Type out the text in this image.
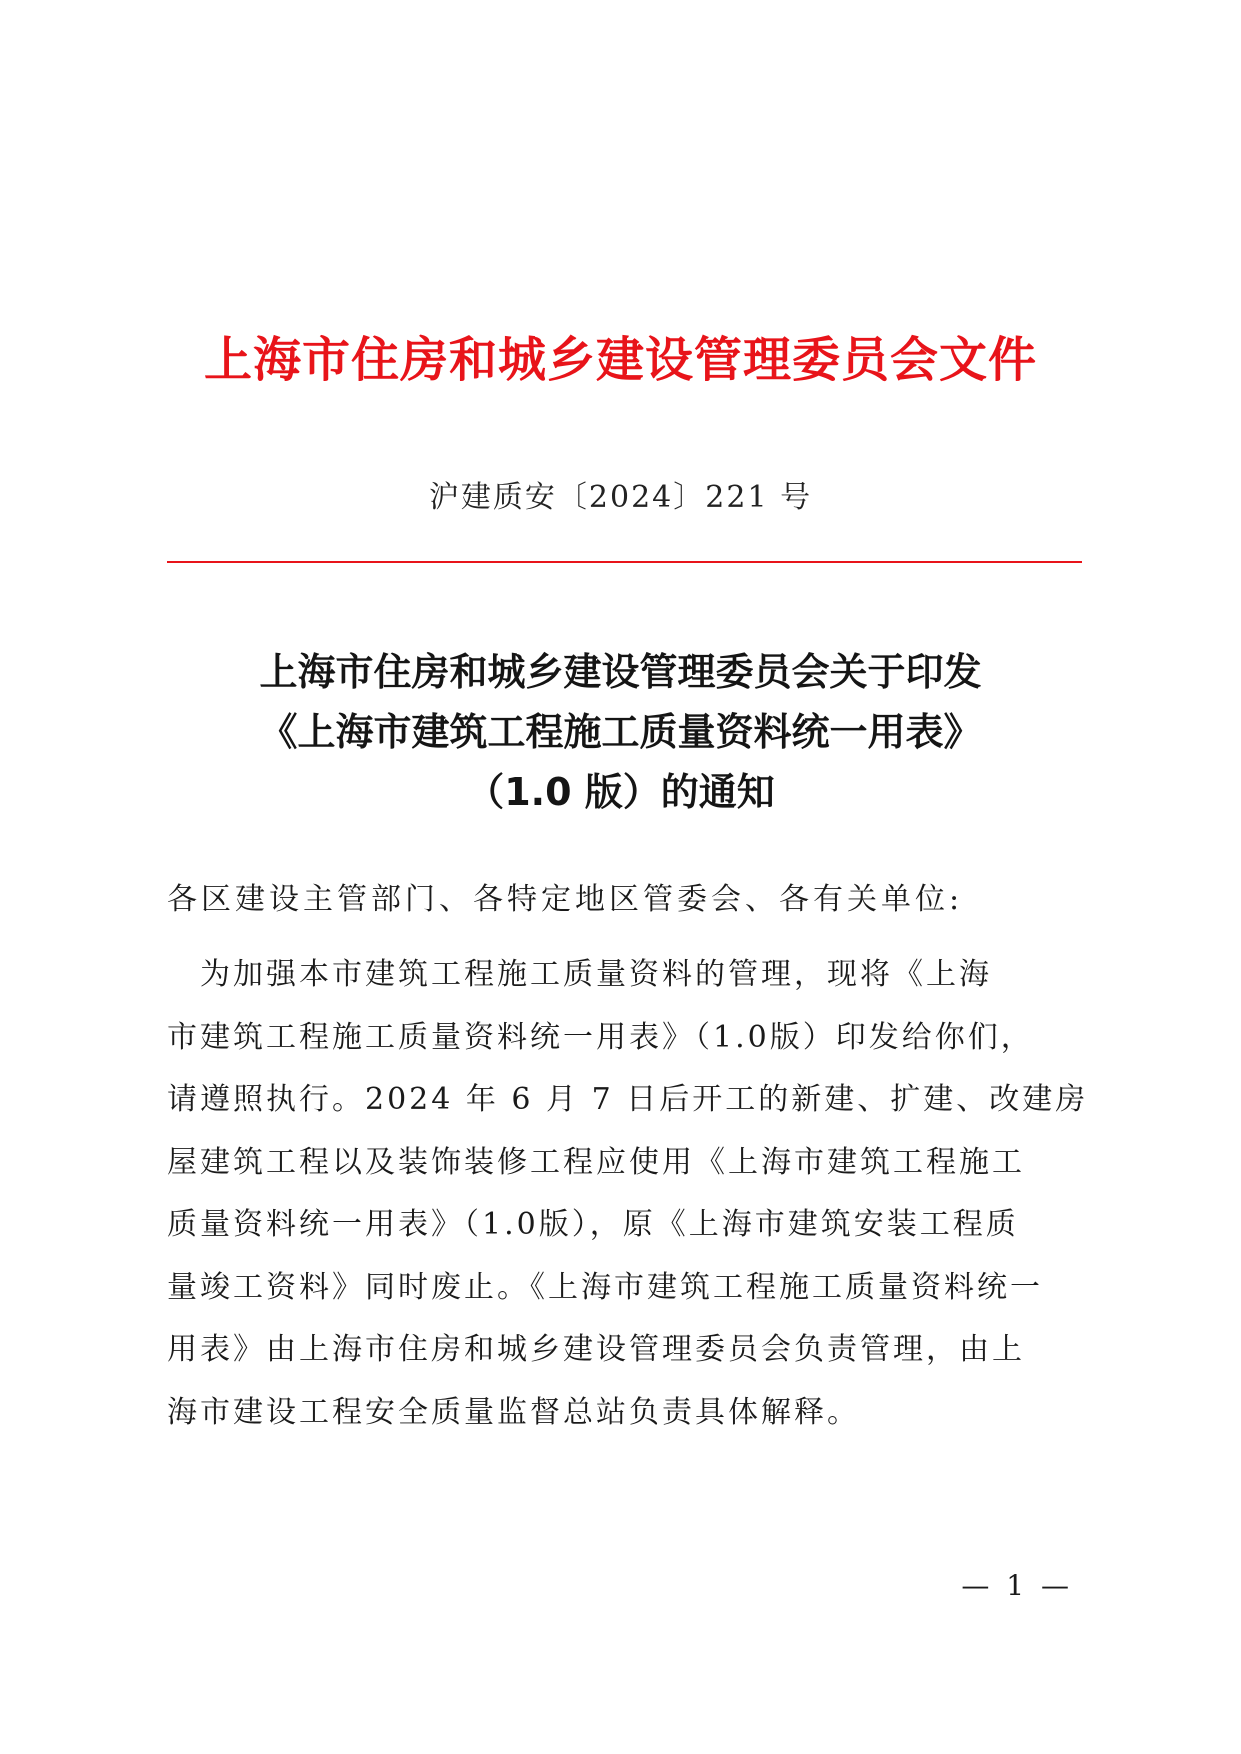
上海市住房和城乡建设管理委员会文件
沪建质安〔2024〕221 号
上海市住房和城乡建设管理委员会关于印发
《上海市建筑工程施工质量资料统一用表》
（1.0 版）的通知
各区建设主管部门、各特定地区管委会、各有关单位:
　为加强本市建筑工程施工质量资料的管理，现将《上海
市建筑工程施工质量资料统一用表》（1.0版）印发给你们，
请遵照执行。2024 年 6 月 7 日后开工的新建、扩建、改建房
屋建筑工程以及装饰装修工程应使用《上海市建筑工程施工
质量资料统一用表》（1.0版），原《上海市建筑安装工程质
量竣工资料》同时废止。《上海市建筑工程施工质量资料统一
用表》由上海市住房和城乡建设管理委员会负责管理，由上
海市建设工程安全质量监督总站负责具体解释。
— 1 —
